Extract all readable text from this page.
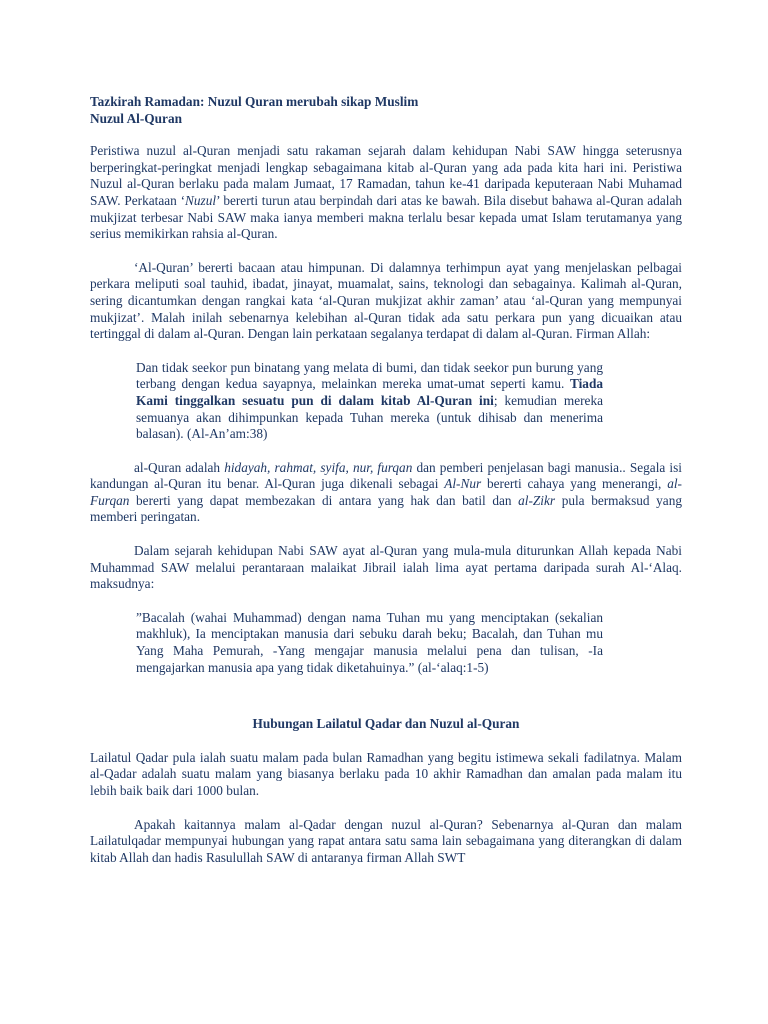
Tazkirah Ramadan: Nuzul Quran merubah sikap Muslim

Nuzul Al-Quran

Peristiwa nuzul al-Quran menjadi satu rakaman sejarah dalam kehidupan Nabi SAW hingga seterusnya berperingkat-peringkat menjadi lengkap sebagaimana kitab al-Quran yang ada pada kita hari ini. Peristiwa Nuzul al-Quran berlaku pada malam Jumaat, 17 Ramadan, tahun ke-41 daripada keputeraan Nabi Muhamad SAW. Perkataan ‘Nuzul’ bererti turun atau berpindah dari atas ke bawah. Bila disebut bahawa al-Quran adalah mukjizat terbesar Nabi SAW maka ianya memberi makna terlalu besar kepada umat Islam terutamanya yang serius memikirkan rahsia al-Quran.

‘Al-Quran’ bererti bacaan atau himpunan. Di dalamnya terhimpun ayat yang menjelaskan pelbagai perkara meliputi soal tauhid, ibadat, jinayat, muamalat, sains, teknologi dan sebagainya. Kalimah al-Quran, sering dicantumkan dengan rangkai kata ‘al-Quran mukjizat akhir zaman’ atau ‘al-Quran yang mempunyai mukjizat’. Malah inilah sebenarnya kelebihan al-Quran tidak ada satu perkara pun yang dicuaikan atau tertinggal di dalam al-Quran. Dengan lain perkataan segalanya terdapat di dalam al-Quran. Firman Allah:

Dan tidak seekor pun binatang yang melata di bumi, dan tidak seekor pun burung yang terbang dengan kedua sayapnya, melainkan mereka umat-umat seperti kamu. Tiada Kami tinggalkan sesuatu pun di dalam kitab Al-Quran ini; kemudian mereka semuanya akan dihimpunkan kepada Tuhan mereka (untuk dihisab dan menerima balasan). (Al-An’am:38)

al-Quran adalah hidayah, rahmat, syifa, nur, furqan dan pemberi penjelasan bagi manusia.. Segala isi kandungan al-Quran itu benar. Al-Quran juga dikenali sebagai Al-Nur bererti cahaya yang menerangi, al-Furqan bererti yang dapat membezakan di antara yang hak dan batil dan al-Zikr pula bermaksud yang memberi peringatan.

Dalam sejarah kehidupan Nabi SAW ayat al-Quran yang mula-mula diturunkan Allah kepada Nabi Muhammad SAW melalui perantaraan malaikat Jibrail ialah lima ayat pertama daripada surah Al-‘Alaq. maksudnya:

”Bacalah (wahai Muhammad) dengan nama Tuhan mu yang menciptakan (sekalian makhluk), Ia menciptakan manusia dari sebuku darah beku; Bacalah, dan Tuhan mu Yang Maha Pemurah, -Yang mengajar manusia melalui pena dan tulisan, -Ia mengajarkan manusia apa yang tidak diketahuinya.” (al-‘alaq:1-5)

Hubungan Lailatul Qadar dan Nuzul al-Quran

Lailatul Qadar pula ialah suatu malam pada bulan Ramadhan yang begitu istimewa sekali fadilatnya. Malam al-Qadar adalah suatu malam yang biasanya berlaku pada 10 akhir Ramadhan dan amalan pada malam itu lebih baik baik dari 1000 bulan.

Apakah kaitannya malam al-Qadar dengan nuzul al-Quran? Sebenarnya al-Quran dan malam Lailatulqadar mempunyai hubungan yang rapat antara satu sama lain sebagaimana yang diterangkan di dalam kitab Allah dan hadis Rasulullah SAW di antaranya firman Allah SWT
